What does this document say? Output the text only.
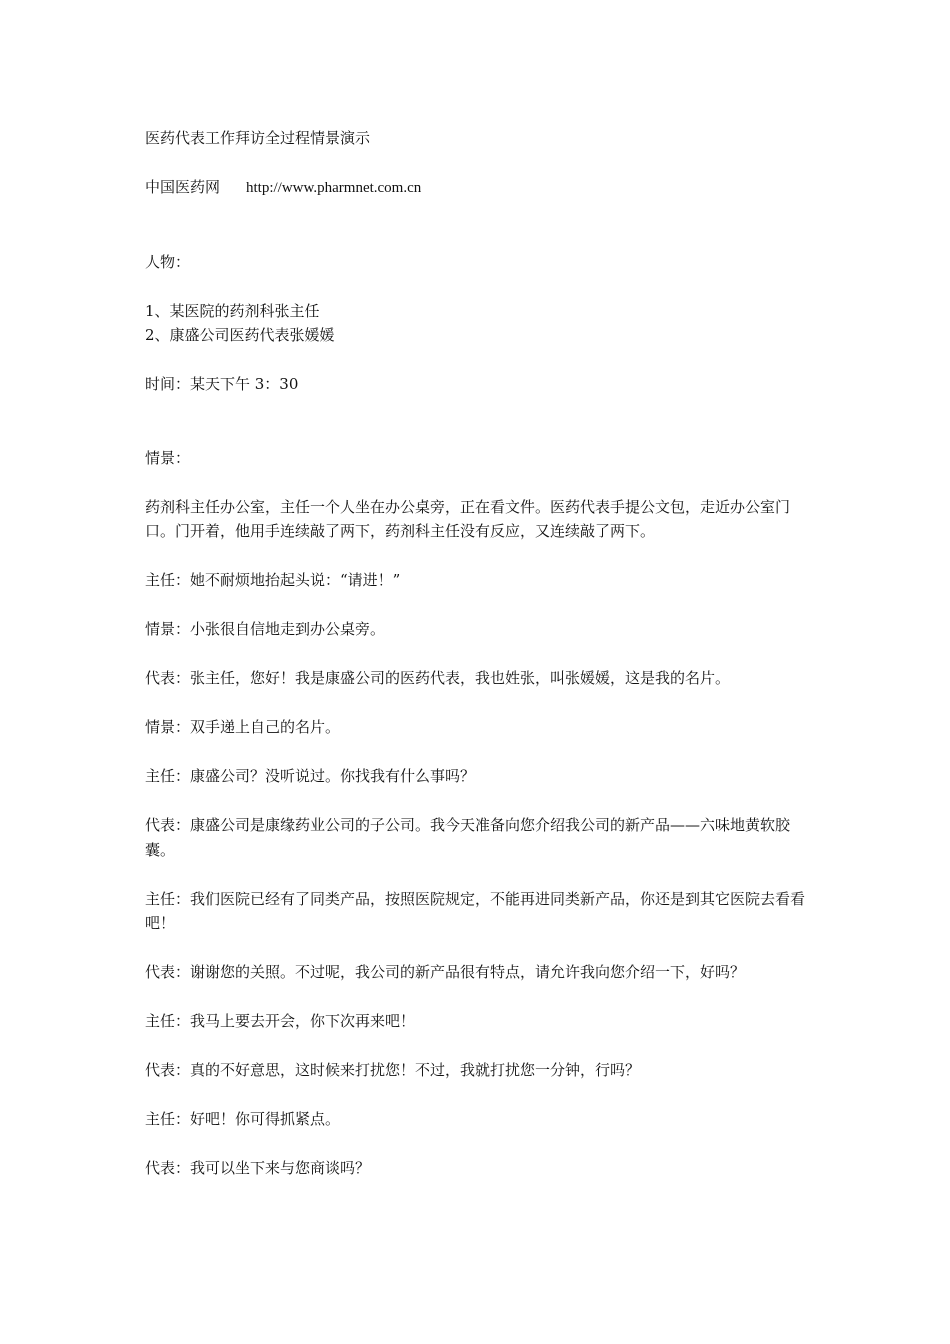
医药代表工作拜访全过程情景演示

中国医药网 http://www.pharmnet.com.cn

人物：

1、某医院的药剂科张主任

2、康盛公司医药代表张媛媛

时间：某天下午 3：30

情景：

药剂科主任办公室，主任一个人坐在办公桌旁，正在看文件。医药代表手提公文包，走近办公室门口。门开着，他用手连续敲了两下，药剂科主任没有反应，又连续敲了两下。

主任：她不耐烦地抬起头说：“请进！”

情景：小张很自信地走到办公桌旁。

代表：张主任，您好！我是康盛公司的医药代表，我也姓张，叫张媛媛，这是我的名片。

情景：双手递上自己的名片。

主任：康盛公司？没听说过。你找我有什么事吗？

代表：康盛公司是康缘药业公司的子公司。我今天准备向您介绍我公司的新产品——六味地黄软胶囊。

主任：我们医院已经有了同类产品，按照医院规定，不能再进同类新产品，你还是到其它医院去看看吧！

代表：谢谢您的关照。不过呢，我公司的新产品很有特点，请允许我向您介绍一下，好吗？

主任：我马上要去开会，你下次再来吧！

代表：真的不好意思，这时候来打扰您！不过，我就打扰您一分钟，行吗？

主任：好吧！你可得抓紧点。

代表：我可以坐下来与您商谈吗？
